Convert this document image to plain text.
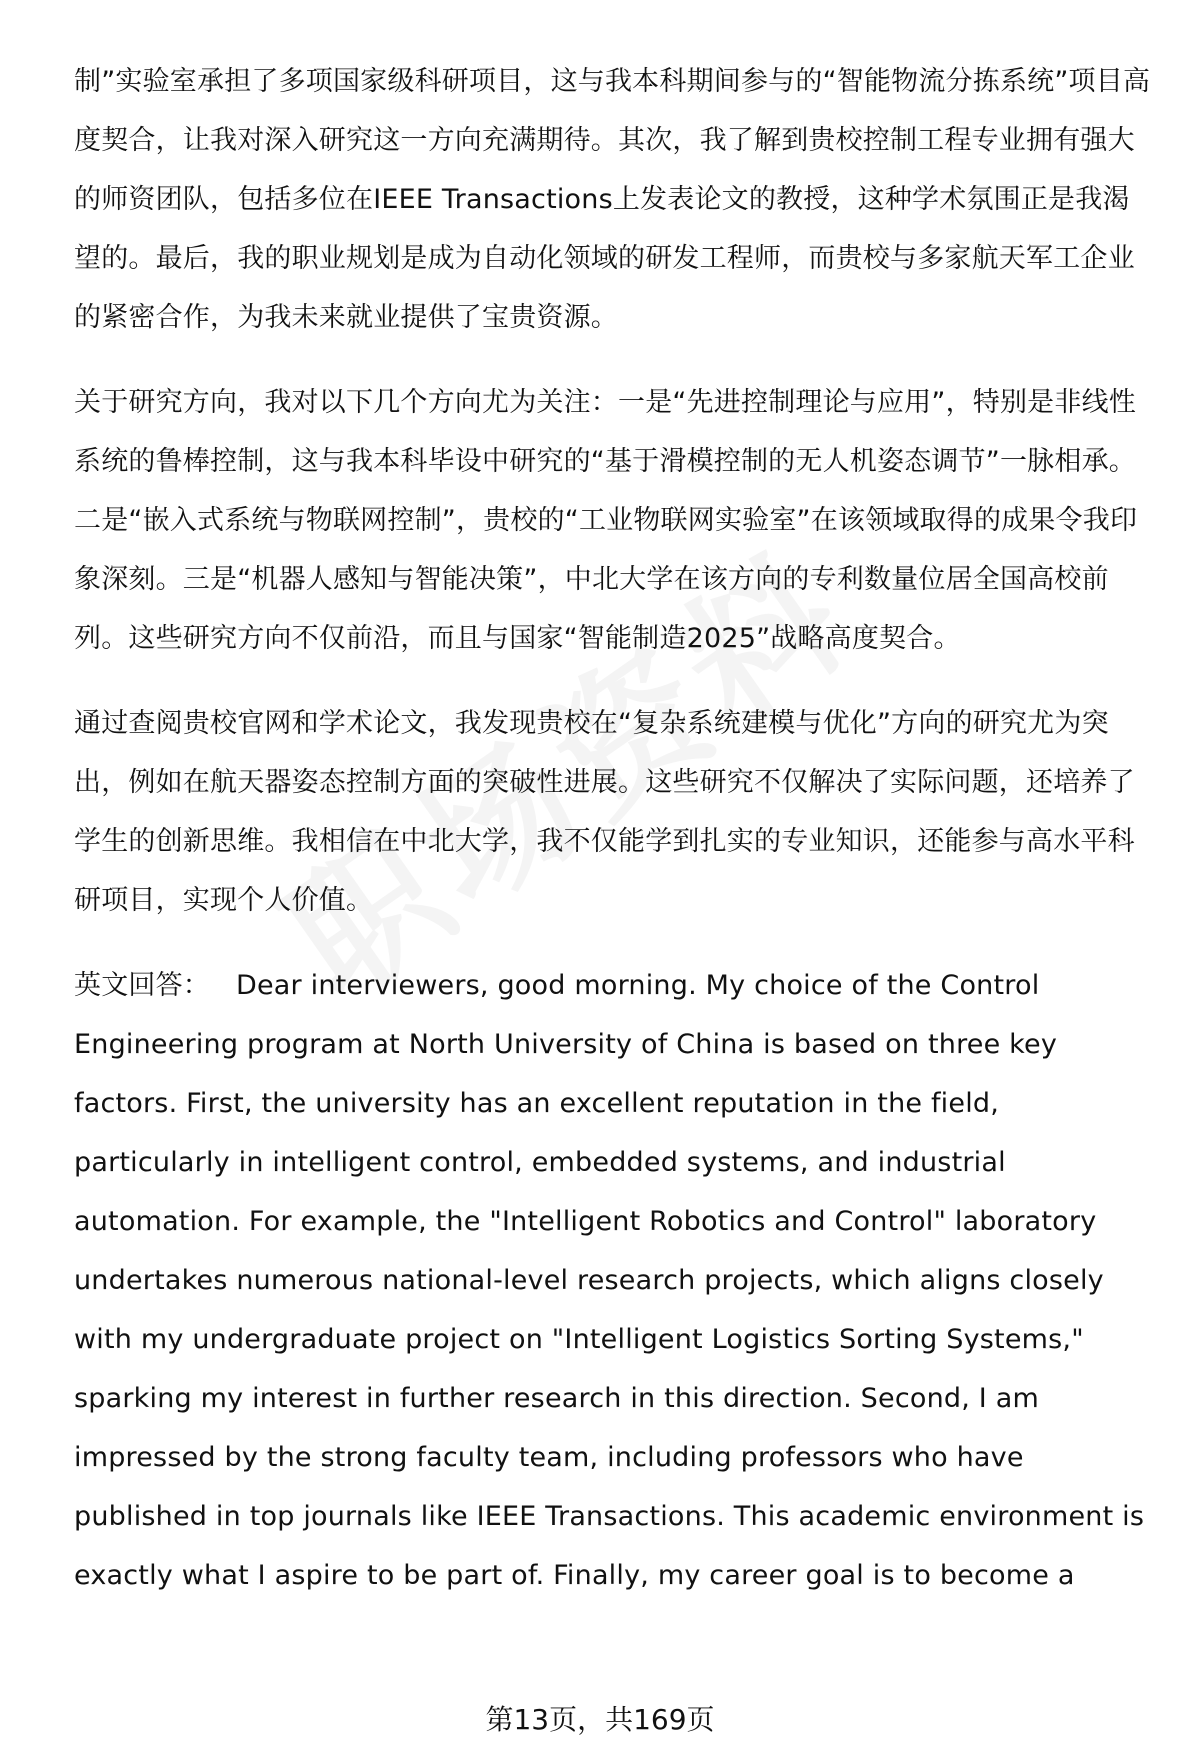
制”实验室承担了多项国家级科研项目，这与我本科期间参与的“智能物流分拣系统”项目高度契合，让我对深入研究这一方向充满期待。其次，我了解到贵校控制工程专业拥有强大的师资团队，包括多位在IEEE Transactions上发表论文的教授，这种学术氛围正是我渴望的。最后，我的职业规划是成为自动化领域的研发工程师，而贵校与多家航天军工企业的紧密合作，为我未来就业提供了宝贵资源。

关于研究方向，我对以下几个方向尤为关注：一是“先进控制理论与应用”，特别是非线性系统的鲁棒控制，这与我本科毕设中研究的“基于滑模控制的无人机姿态调节”一脉相承。二是“嵌入式系统与物联网控制”，贵校的“工业物联网实验室”在该领域取得的成果令我印象深刻。三是“机器人感知与智能决策”，中北大学在该方向的专利数量位居全国高校前列。这些研究方向不仅前沿，而且与国家“智能制造2025”战略高度契合。

通过查阅贵校官网和学术论文，我发现贵校在“复杂系统建模与优化”方向的研究尤为突出，例如在航天器姿态控制方面的突破性进展。这些研究不仅解决了实际问题，还培养了学生的创新思维。我相信在中北大学，我不仅能学到扎实的专业知识，还能参与高水平科研项目，实现个人价值。

英文回答： Dear interviewers, good morning. My choice of the Control Engineering program at North University of China is based on three key factors. First, the university has an excellent reputation in the field, particularly in intelligent control, embedded systems, and industrial automation. For example, the "Intelligent Robotics and Control" laboratory undertakes numerous national-level research projects, which aligns closely with my undergraduate project on "Intelligent Logistics Sorting Systems," sparking my interest in further research in this direction. Second, I am impressed by the strong faculty team, including professors who have published in top journals like IEEE Transactions. This academic environment is exactly what I aspire to be part of. Finally, my career goal is to become a

第13页，共169页
